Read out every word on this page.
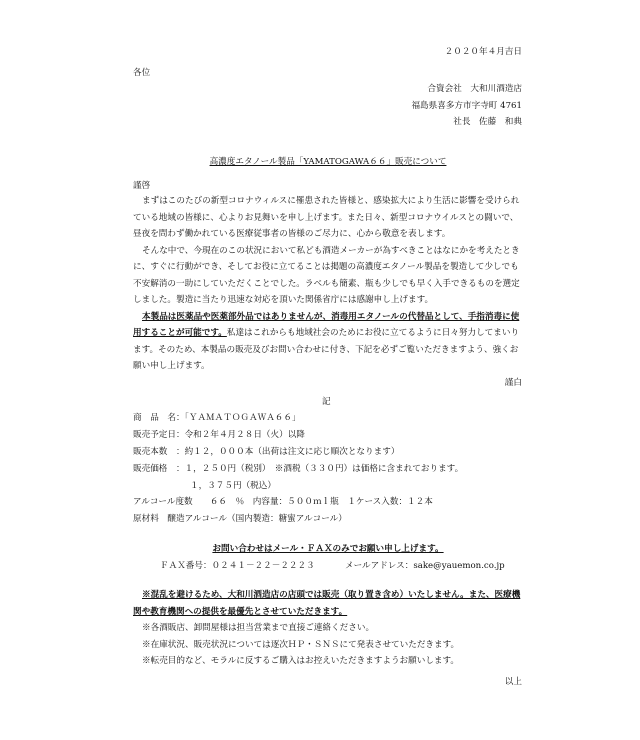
２０２０年４月吉日
各位
合資会社　大和川酒造店
福島県喜多方市字寺町 4761
社長　佐藤　和典
高濃度エタノール製品「YAMATOGAWA６６」販売について
謹啓

まずはこのたびの新型コロナウィルスに罹患された皆様と、感染拡大により生活に影響を受けられている地域の皆様に、心よりお見舞いを申し上げます。また日々、新型コロナウイルスとの闘いで、昼夜を問わず働かれている医療従事者の皆様のご尽力に、心から敬意を表します。

そんな中で、今現在のこの状況において私ども酒造メーカーが為すべきことはなにかを考えたときに、すぐに行動ができ、そしてお役に立てることは掲題の高濃度エタノール製品を製造して少しでも不安解消の一助にしていただくことでした。ラベルも簡素、瓶も少しでも早く入手できるものを選定しました。製造に当たり迅速な対応を頂いた関係省庁には感謝申し上げます。

本製品は医薬品や医薬部外品ではありませんが、消毒用エタノールの代替品として、手指消毒に使用することが可能です。私達はこれからも地域社会のためにお役に立てるように日々努力してまいります。そのため、本製品の販売及びお問い合わせに付き、下記を必ずご覧いただきますよう、強くお願い申し上げます。

謹白
記
商　品　名：「ＹＡＭＡＴＯＧＡＷＡ６６」
販売予定日：令和２年４月２８日（火）以降
販売本数　：約１２，０００本（出荷は注文に応じ順次となります）
販売価格　：１，２５０円（税別）　※酒税（３３０円）は価格に含まれております。
１，３７５円（税込）
アルコール度数　　６６　％　内容量：５００ｍｌ瓶　１ケース入数：１２本
原材料　醸造アルコール（国内製造：糖蜜アルコール）
お問い合わせはメール・ＦＡＸのみでお願い申し上げます。
ＦＡＸ番号：０２４１－２２－２２２３	メールアドレス：sake@yauemon.co.jp

※混乱を避けるため、大和川酒造店の店頭では販売（取り置き含め）いたしません。また、医療機関や教育機関への提供を最優先とさせていただきます。

※各酒販店、卸問屋様は担当営業まで直接ご連絡ください。

※在庫状況、販売状況については逐次ＨＰ・ＳＮＳにて発表させていただきます。

※転売目的など、モラルに反するご購入はお控えいただきますようお願いします。

以上
